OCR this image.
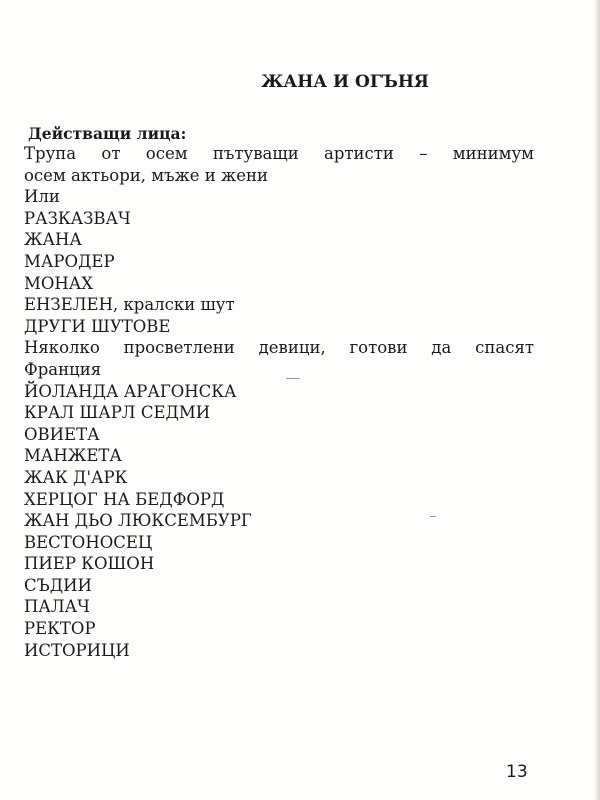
ЖАНА И ОГЪНЯ
Действащи лица:
Трупа от осем пътуващи артисти – минимум
осем актьори, мъже и жени
Или
РАЗКАЗВАЧ
ЖАНА
МАРОДЕР
МОНАХ
ЕНЗЕЛЕН, кралски шут
ДРУГИ ШУТОВЕ
Няколко просветлени девици, готови да спасят
Франция
ЙОЛАНДА АРАГОНСКА
КРАЛ ШАРЛ СЕДМИ
ОВИЕТА
МАНЖЕТА
ЖАК Д'АРК
ХЕРЦОГ НА БЕДФОРД
ЖАН ДЬО ЛЮКСЕМБУРГ
ВЕСТОНОСЕЦ
ПИЕР КОШОН
СЪДИИ
ПАЛАЧ
РЕКТОР
ИСТОРИЦИ
13
